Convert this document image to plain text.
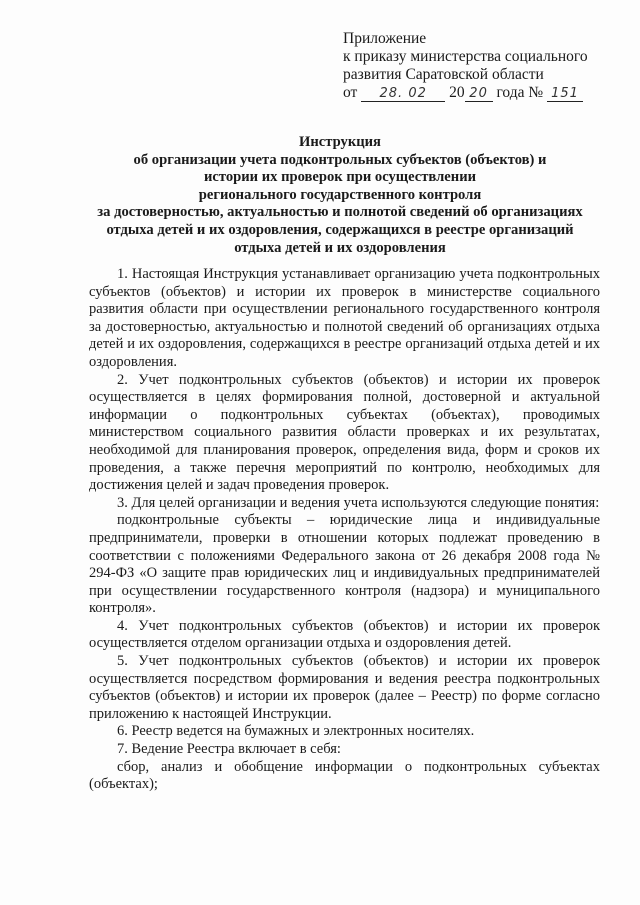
Приложение
к приказу министерства социального
развития Саратовской области
от 28. 02 20 20 года № 151
Инструкция
об организации учета подконтрольных субъектов (объектов) и
истории их проверок при осуществлении
регионального государственного контроля
за достоверностью, актуальностью и полнотой сведений об организациях
отдыха детей и их оздоровления, содержащихся в реестре организаций
отдыха детей и их оздоровления

1. Настоящая Инструкция устанавливает организацию учета подконтрольных субъектов (объектов) и истории их проверок в министерстве социального развития области при осуществлении регионального государственного контроля за достоверностью, актуальностью и полнотой сведений об организациях отдыха детей и их оздоровления, содержащихся в реестре организаций отдыха детей и их оздоровления.

2. Учет подконтрольных субъектов (объектов) и истории их проверок осуществляется в целях формирования полной, достоверной и актуальной информации о подконтрольных субъектах (объектах), проводимых министерством социального развития области проверках и их результатах, необходимой для планирования проверок, определения вида, форм и сроков их проведения, а также перечня мероприятий по контролю, необходимых для достижения целей и задач проведения проверок.

3. Для целей организации и ведения учета используются следующие понятия:

подконтрольные субъекты – юридические лица и индивидуальные предприниматели, проверки в отношении которых подлежат проведению в соответствии с положениями Федерального закона от 26 декабря 2008 года № 294-ФЗ «О защите прав юридических лиц и индивидуальных предпринимателей при осуществлении государственного контроля (надзора) и муниципального контроля».

4. Учет подконтрольных субъектов (объектов) и истории их проверок осуществляется отделом организации отдыха и оздоровления детей.

5. Учет подконтрольных субъектов (объектов) и истории их проверок осуществляется посредством формирования и ведения реестра подконтрольных субъектов (объектов) и истории их проверок (далее – Реестр) по форме согласно приложению к настоящей Инструкции.

6. Реестр ведется на бумажных и электронных носителях.

7. Ведение Реестра включает в себя:

сбор, анализ и обобщение информации о подконтрольных субъектах (объектах);
